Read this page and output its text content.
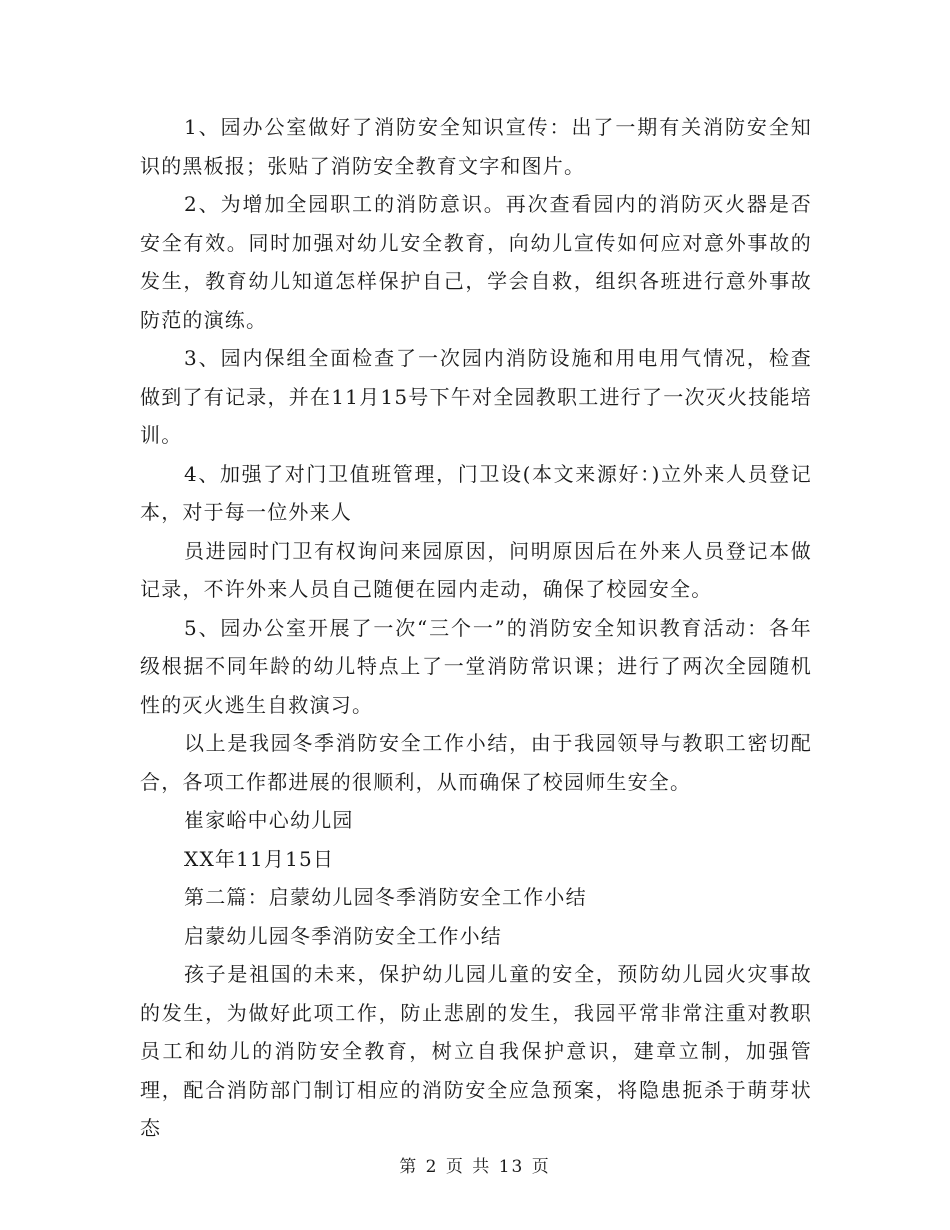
1、园办公室做好了消防安全知识宣传：出了一期有关消防安全知识的黑板报；张贴了消防安全教育文字和图片。

2、为增加全园职工的消防意识。再次查看园内的消防灭火器是否安全有效。同时加强对幼儿安全教育，向幼儿宣传如何应对意外事故的发生，教育幼儿知道怎样保护自己，学会自救，组织各班进行意外事故防范的演练。

3、园内保组全面检查了一次园内消防设施和用电用气情况，检查做到了有记录，并在11月15号下午对全园教职工进行了一次灭火技能培训。

4、加强了对门卫值班管理，门卫设(本文来源好：)立外来人员登记本，对于每一位外来人

员进园时门卫有权询问来园原因，问明原因后在外来人员登记本做记录，不许外来人员自己随便在园内走动，确保了校园安全。

5、园办公室开展了一次“三个一”的消防安全知识教育活动：各年级根据不同年龄的幼儿特点上了一堂消防常识课；进行了两次全园随机性的灭火逃生自救演习。

以上是我园冬季消防安全工作小结，由于我园领导与教职工密切配合，各项工作都进展的很顺利，从而确保了校园师生安全。

崔家峪中心幼儿园

XX年11月15日

第二篇：启蒙幼儿园冬季消防安全工作小结

启蒙幼儿园冬季消防安全工作小结

孩子是祖国的未来，保护幼儿园儿童的安全，预防幼儿园火灾事故的发生，为做好此项工作，防止悲剧的发生，我园平常非常注重对教职员工和幼儿的消防安全教育，树立自我保护意识，建章立制，加强管理，配合消防部门制订相应的消防安全应急预案，将隐患扼杀于萌芽状态

第 2 页 共 13 页
